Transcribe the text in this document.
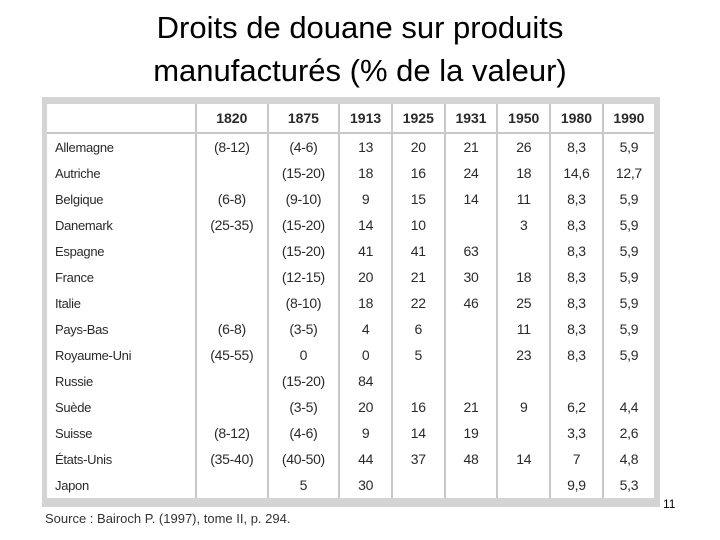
Droits de douane sur produits
manufacturés (% de la valeur)
	1820	1875	1913	1925	1931	1950	1980	1990
Allemagne	(8-12)	(4-6)	13	20	21	26	8,3	5,9
Autriche		(15-20)	18	16	24	18	14,6	12,7
Belgique	(6-8)	(9-10)	9	15	14	11	8,3	5,9
Danemark	(25-35)	(15-20)	14	10		3	8,3	5,9
Espagne		(15-20)	41	41	63		8,3	5,9
France		(12-15)	20	21	30	18	8,3	5,9
Italie		(8-10)	18	22	46	25	8,3	5,9
Pays-Bas	(6-8)	(3-5)	4	6		11	8,3	5,9
Royaume-Uni	(45-55)	0	0	5		23	8,3	5,9
Russie		(15-20)	84					
Suède		(3-5)	20	16	21	9	6,2	4,4
Suisse	(8-12)	(4-6)	9	14	19		3,3	2,6
États-Unis	(35-40)	(40-50)	44	37	48	14	7	4,8
Japon		5	30				9,9	5,3
Source : Bairoch P. (1997), tome II, p. 294.
11
